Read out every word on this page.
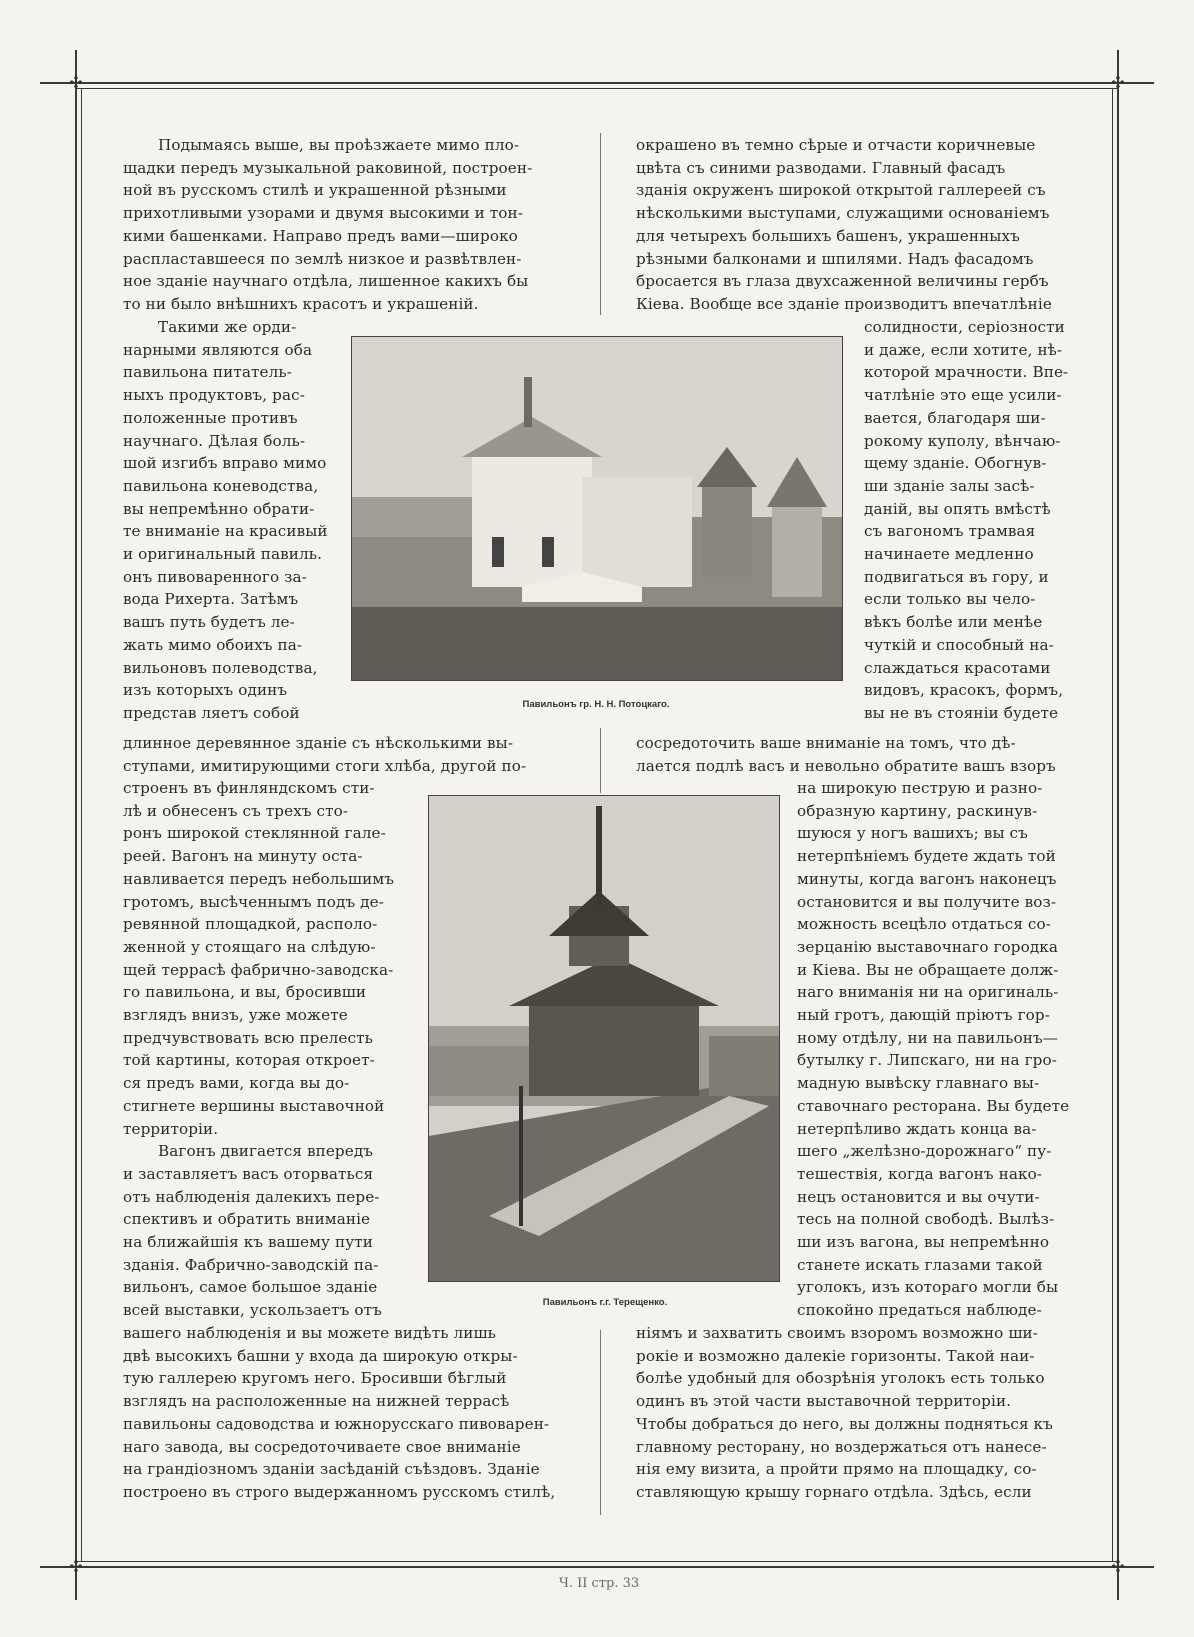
✣	✣
✣	✣
Подымаясь выше, вы проѣзжаете мимо пло-
щадки передъ музыкальной раковиной, построен-
ной въ русскомъ стилѣ и украшенной рѣзными
прихотливыми узорами и двумя высокими и тон-
кими башенками. Направо предъ вами—широко
распластавшееся по землѣ низкое и развѣтвлен-
ное зданіе научнаго отдѣла, лишенное какихъ бы
то ни было внѣшнихъ красотъ и украшеній.
Такими же орди-
нарными являются оба
павильона питатель-
ныхъ продуктовъ, рас-
положенные противъ
научнаго. Дѣлая боль-
шой изгибъ вправо мимо
павильона коневодства,
вы непремѣнно обрати-
те вниманіе на красивый
и оригинальный павиль.
онъ пивоваренного за-
вода Рихерта. Затѣмъ
вашъ путь будетъ ле-
жать мимо обоихъ па-
вильоновъ полеводства,
изъ которыхъ одинъ
представ ляетъ собой
длинное деревянное зданіе съ нѣсколькими вы-
ступами, имитирующими стоги хлѣба, другой по-
строенъ въ финляндскомъ сти-
лѣ и обнесенъ съ трехъ сто-
ронъ широкой стеклянной гале-
реей. Вагонъ на минуту оста-
навливается передъ небольшимъ
гротомъ, высѣченнымъ подъ де-
ревянной площадкой, располо-
женной у стоящаго на слѣдую-
щей террасѣ фабрично-заводска-
го павильона, и вы, бросивши
взглядъ внизъ, уже можете
предчувствовать всю прелесть
той картины, которая откроет-
ся предъ вами, когда вы до-
стигнете вершины выставочной
территоріи.
Вагонъ двигается впередъ
и заставляетъ васъ оторваться
отъ наблюденія далекихъ пере-
спективъ и обратить вниманіе
на ближайшія къ вашему пути
зданія. Фабрично-заводскій па-
вильонъ, самое большое зданіе
всей выставки, ускользаетъ отъ
вашего наблюденія и вы можете видѣть лишь
двѣ высокихъ башни у входа да широкую откры-
тую галлерею кругомъ него. Бросивши бѣглый
взглядъ на расположенные на нижней террасѣ
павильоны садоводства и южнорусскаго пивоварен-
наго завода, вы сосредоточиваете свое вниманіе
на грандіозномъ зданіи засѣданій съѣздовъ. Зданіе
построено въ строго выдержанномъ русскомъ стилѣ,
окрашено въ темно сѣрые и отчасти коричневые
цвѣта съ синими разводами. Главный фасадъ
зданія окруженъ широкой открытой галлереей съ
нѣсколькими выступами, служащими основаніемъ
для четырехъ большихъ башенъ, украшенныхъ
рѣзными балконами и шпилями. Надъ фасадомъ
бросается въ глаза двухсаженной величины гербъ
Кіева. Вообще все зданіе производитъ впечатлѣніе
солидности, серіозности
и даже, если хотите, нѣ-
которой мрачности. Впе-
чатлѣніе это еще усили-
вается, благодаря ши-
рокому куполу, вѣнчаю-
щему зданіе. Обогнув-
ши зданіе залы засѣ-
даній, вы опять вмѣстѣ
съ вагономъ трамвая
начинаете медленно
подвигаться въ гору, и
если только вы чело-
вѣкъ болѣе или менѣе
чуткій и способный на-
слаждаться красотами
видовъ, красокъ, формъ,
вы не въ стояніи будете
сосредоточить ваше вниманіе на томъ, что дѣ-
лается подлѣ васъ и невольно обратите вашъ взоръ
на широкую пеструю и разно-
образную картину, раскинув-
шуюся у ногъ вашихъ; вы съ
нетерпѣніемъ будете ждать той
минуты, когда вагонъ наконецъ
остановится и вы получите воз-
можность всецѣло отдаться со-
зерцанію выставочнаго городка
и Кіева. Вы не обращаете долж-
наго вниманія ни на оригиналь-
ный гротъ, дающій пріютъ гор-
ному отдѣлу, ни на павильонъ—
бутылку г. Липскаго, ни на гро-
мадную вывѣску главнаго вы-
ставочнаго ресторана. Вы будете
нетерпѣливо ждать конца ва-
шего „желѣзно-дорожнаго“ пу-
тешествія, когда вагонъ нако-
нецъ остановится и вы очути-
тесь на полной свободѣ. Вылѣз-
ши изъ вагона, вы непремѣнно
станете искать глазами такой
уголокъ, изъ котораго могли бы
спокойно предаться наблюде-
ніямъ и захватить своимъ взоромъ возможно ши-
рокіе и возможно далекіе горизонты. Такой наи-
болѣе удобный для обозрѣнія уголокъ есть только
одинъ въ этой части выставочной территоріи.
Чтобы добраться до него, вы должны подняться къ
главному ресторану, но воздержаться отъ нанесе-
нія ему визита, а пройти прямо на площадку, со-
ставляющую крышу горнаго отдѣла. Здѣсь, если
Павильонъ гр. Н. Н. Потоцкаго.
Павильонъ г.г. Терещенко.
Ч. II стр. 33
